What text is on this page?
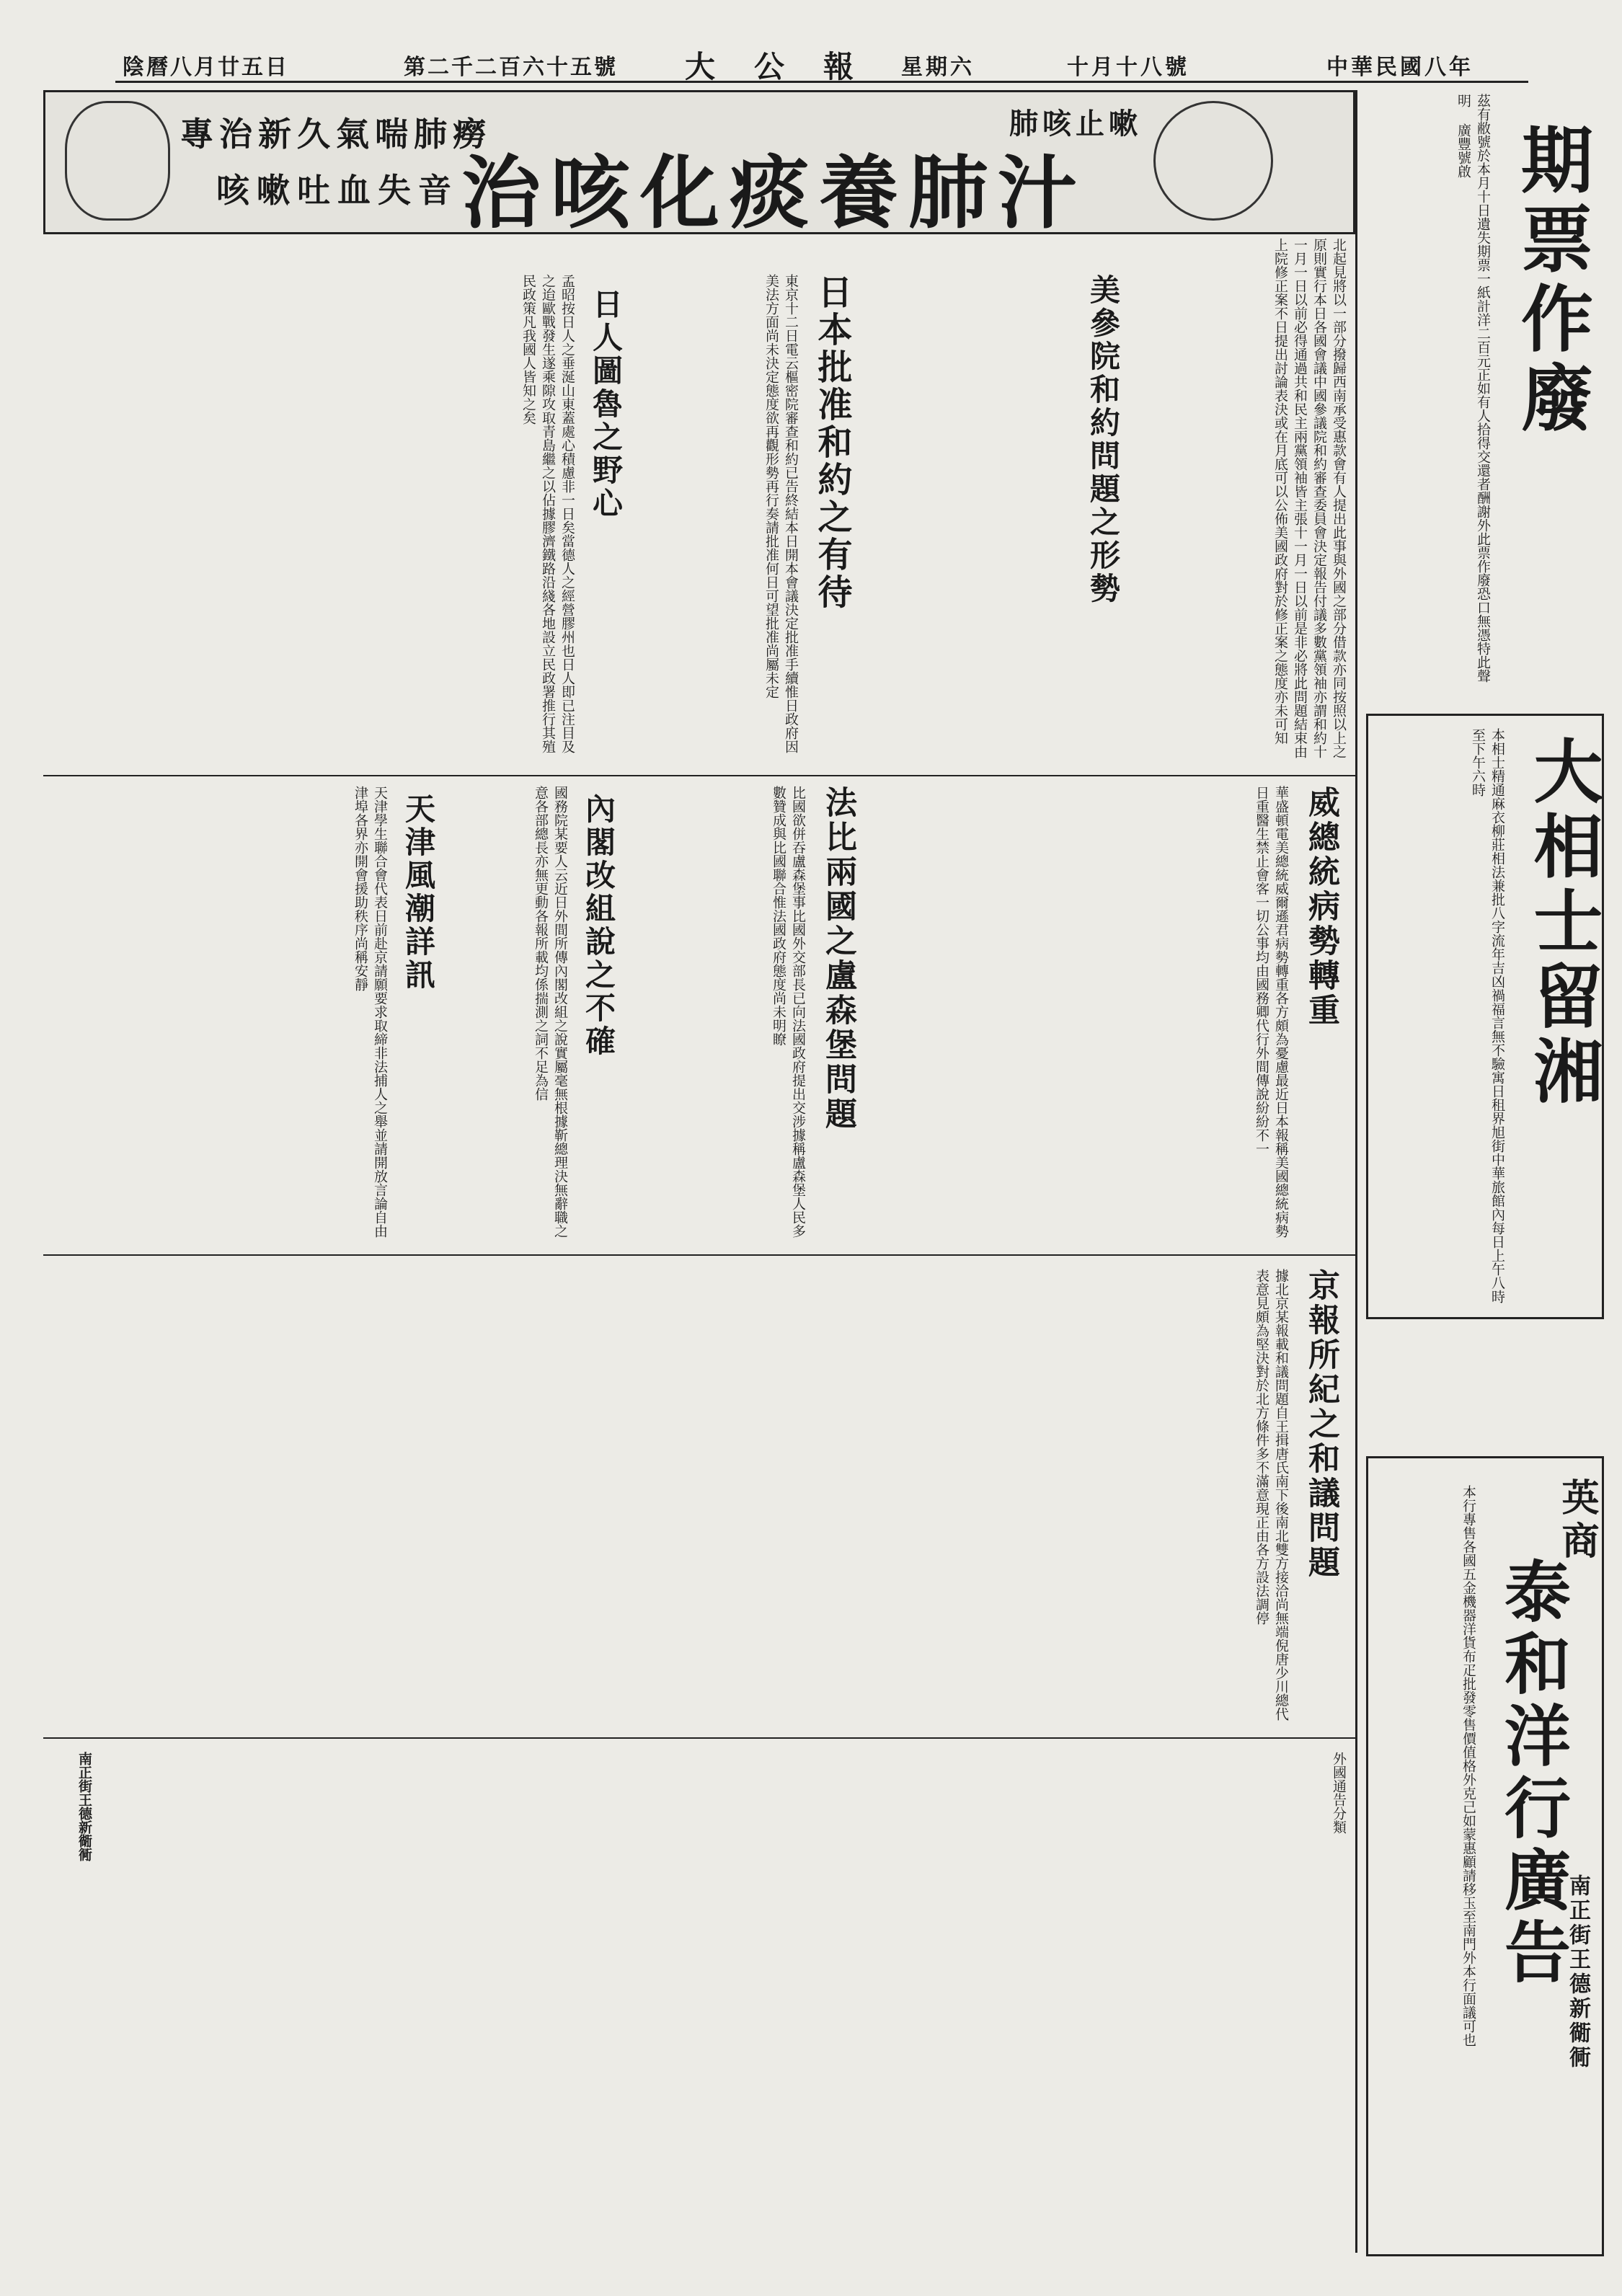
中華民國八年
十月十八號
星期六
大　公　報
第二千二百六十五號
陰曆八月廿五日
治咳化痰養肺汁
專治新久氣喘肺癆
咳嗽吐血失音
肺咳止嗽	期票作廢

茲有敝號於本月十日遺失期票一紙計洋二百元正如有人拾得交還者酬謝外此票作廢恐口無憑特此聲明 廣豐號啟

大相士留湘

本相士精通麻衣柳莊相法兼批八字流年吉凶禍福言無不驗寓日租界旭街中華旅館內每日上午八時至下午六時

英商

泰和洋行廣告

南正街王德新衚衕

本行專售各國五金機器洋貨布疋批發零售價值格外克己如蒙惠顧請移玉至南門外本行面議可也

美參院和約問題之形勢	北起見將以一部分撥歸西南承受惠款會有人提出此事與外國之部分借款亦同按照以上之原則實行本日各國會議中國參議院和約審查委員會決定報告付議多數黨領袖亦謂和約十一月一日以前必得通過共和民主兩黨領袖皆主張十一月一日以前是非必將此問題結束由上院修正案不日提出討論表決或在月底可以公佈美國政府對於修正案之態度亦未可知

日本批准和約之有待

東京十二日電云樞密院審查和約已告終結本日開本會議決定批准手續惟日政府因美法方面尚未決定態度欲再觀形勢再行奏請批准何日可望批准尚屬未定

日人圖魯之野心

孟昭按日人之垂涎山東蓋處心積慮非一日矣當德人之經營膠州也日人即已注目及之迨歐戰發生遂乘隙攻取青島繼之以佔據膠濟鐵路沿綫各地設立民政署推行其殖民政策凡我國人皆知之矣

威總統病勢轉重

華盛頓電美總統威爾遜君病勢轉重各方頗為憂慮最近日本報稱美國總統病勢日重醫生禁止會客一切公事均由國務卿代行外間傳說紛紛不一

法比兩國之盧森堡問題

比國欲併吞盧森堡事比國外交部長已向法國政府提出交涉據稱盧森堡人民多數贊成與比國聯合惟法國政府態度尚未明瞭

內閣改組說之不確

國務院某要人云近日外間所傳內閣改組之說實屬毫無根據靳總理決無辭職之意各部總長亦無更動各報所載均係揣測之詞不足為信

天津風潮詳訊

天津學生聯合會代表日前赴京請願要求取締非法捕人之舉並請開放言論自由津埠各界亦開會援助秩序尚稱安靜

京報所紀之和議問題

據北京某報載和議問題自王揖唐氏南下後南北雙方接洽尚無端倪唐少川總代表意見頗為堅決對於北方條件多不滿意現正由各方設法調停

南正街王德新衚衕	外國通告分類
